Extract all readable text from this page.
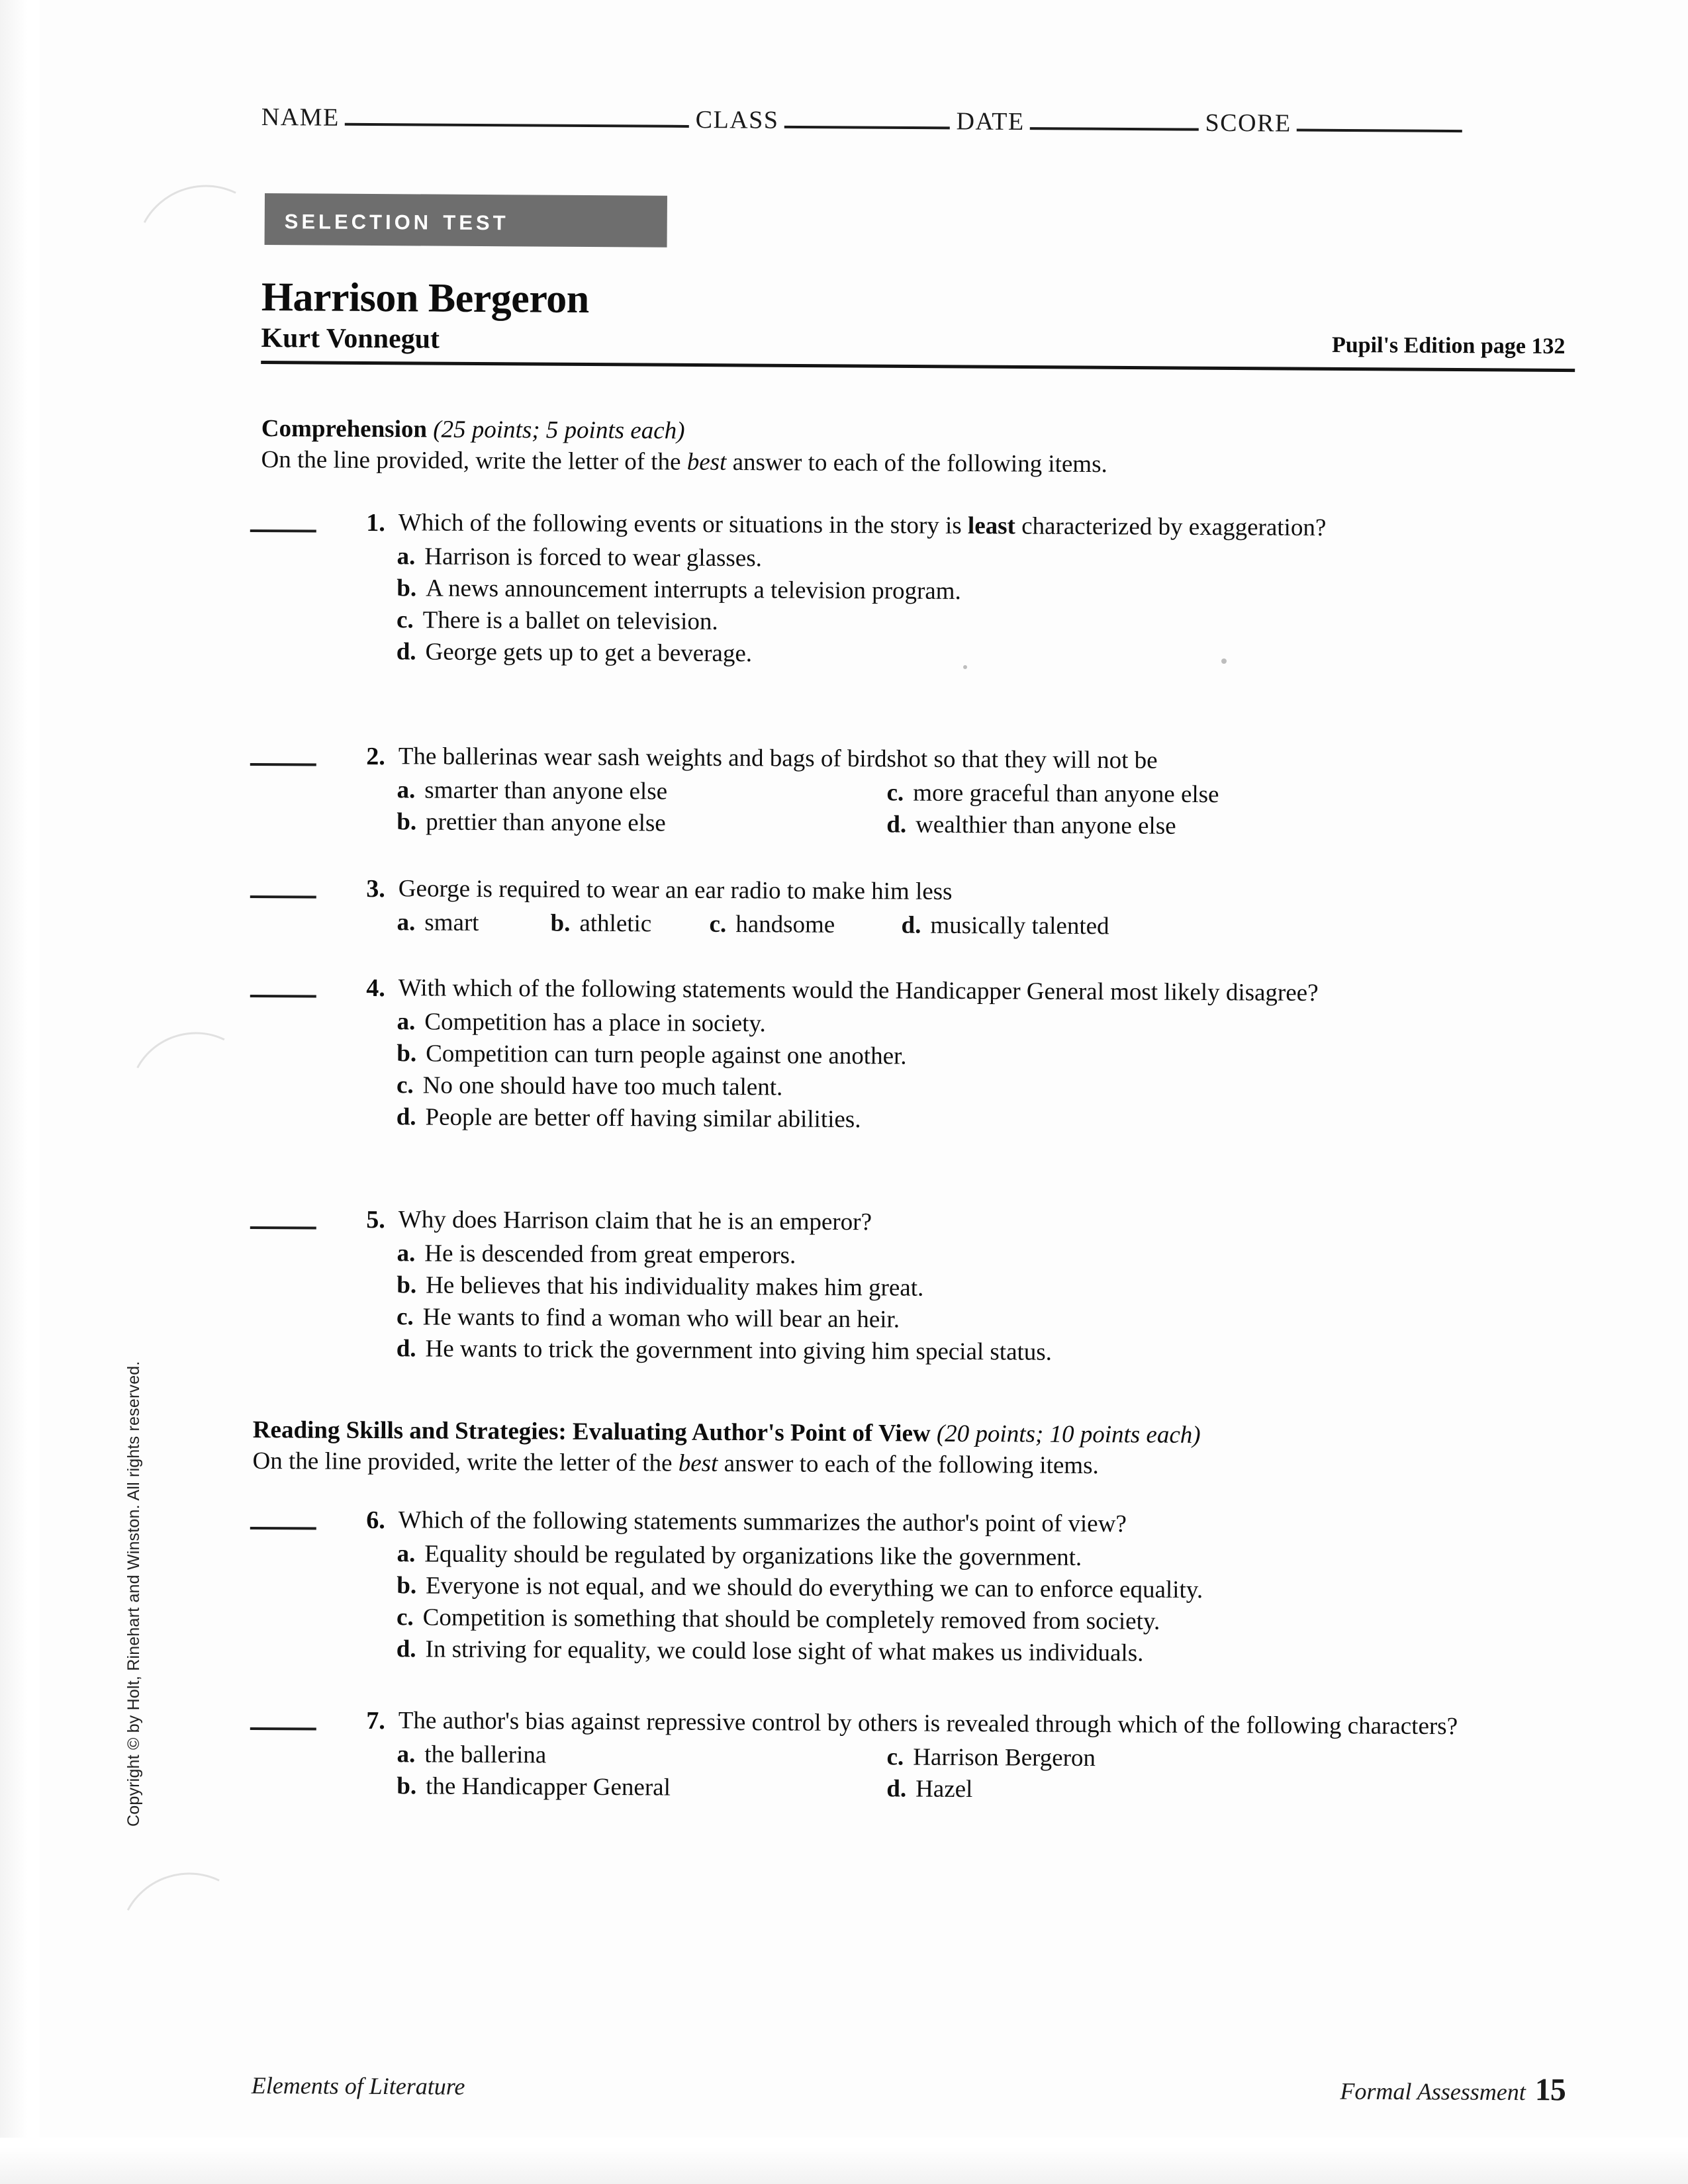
NAME	CLASS	DATE	SCORE
selection test
Harrison Bergeron
Kurt Vonnegut	Pupil's Edition page 132
Comprehension (25 points; 5 points each)
On the line provided, write the letter of the best answer to each of the following items.
1. Which of the following events or situations in the story is least characterized by exaggeration?
a. Harrison is forced to wear glasses.
b. A news announcement interrupts a television program.
c. There is a ballet on television.
d. George gets up to get a beverage.
2. The ballerinas wear sash weights and bags of birdshot so that they will not be
a. smarter than anyone else
b. prettier than anyone else
c. more graceful than anyone else
d. wealthier than anyone else
3. George is required to wear an ear radio to make him less
a. smart	b. athletic c. handsome	d. musically talented
4. With which of the following statements would the Handicapper General most likely disagree?
a. Competition has a place in society.
b. Competition can turn people against one another.
c. No one should have too much talent.
d. People are better off having similar abilities.
5. Why does Harrison claim that he is an emperor?
a. He is descended from great emperors.
b. He believes that his individuality makes him great.
c. He wants to find a woman who will bear an heir.
d. He wants to trick the government into giving him special status.
Reading Skills and Strategies: Evaluating Author's Point of View (20 points; 10 points each)
On the line provided, write the letter of the best answer to each of the following items.
6. Which of the following statements summarizes the author's point of view?
a. Equality should be regulated by organizations like the government.
b. Everyone is not equal, and we should do everything we can to enforce equality.
c. Competition is something that should be completely removed from society.
d. In striving for equality, we could lose sight of what makes us individuals.
7. The author's bias against repressive control by others is revealed through which of the following characters?
a. the ballerina
b. the Handicapper General
c. Harrison Bergeron
d. Hazel
Copyright © by Holt, Rinehart and Winston. All rights reserved.
Elements of Literature	Formal Assessment 15
